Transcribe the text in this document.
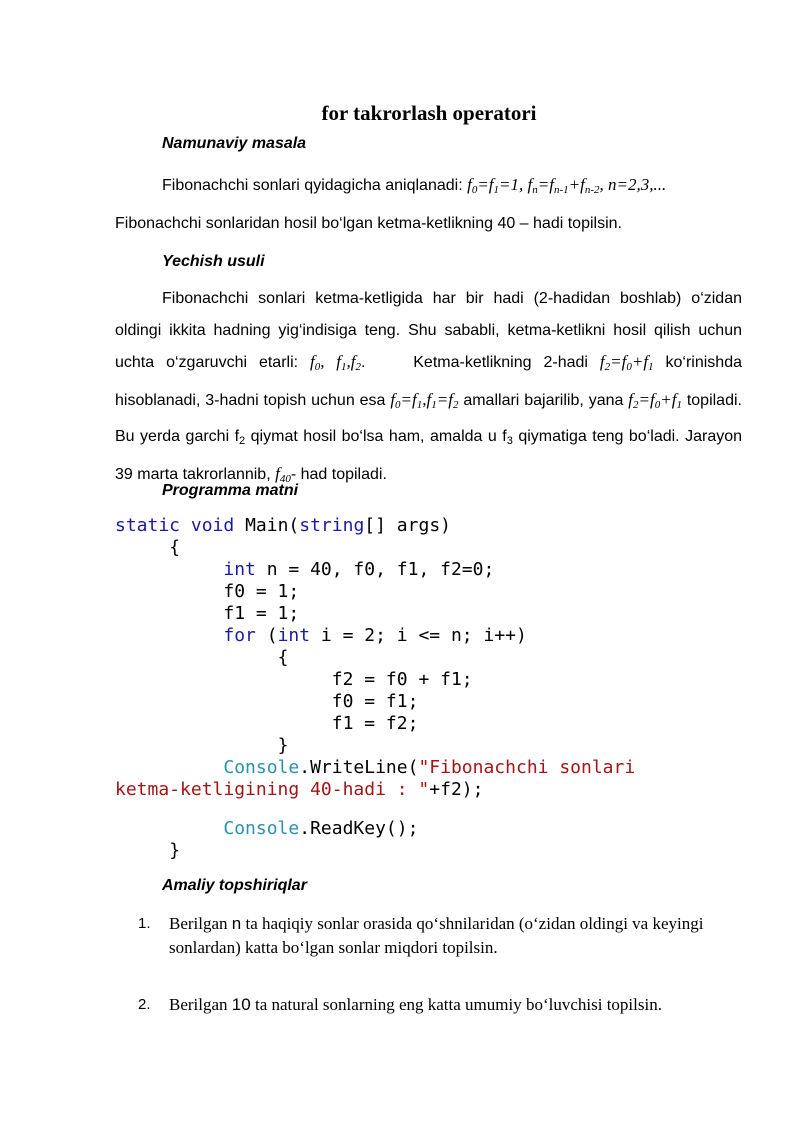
for takrorlash operatori
Namunaviy masala
Fibonachchi sonlari qyidagicha aniqlanadi: $f_0=f_1=1$, $f_n=f_{n-1}+f_{n-2}$, n=2,3,...
Fibonachchi sonlaridan hosil bo‘lgan ketma-ketlikning 40 – hadi topilsin.
Yechish usuli
Fibonachchi sonlari ketma-ketligida har bir hadi (2-hadidan boshlab) o‘zidan oldingi ikkita hadning yig‘indisiga teng. Shu sababli, ketma-ketlikni hosil qilish uchun uchta o‘zgaruvchi etarli: $f_0$, $f_1,f_2$.    Ketma-ketlikning 2-hadi $f_2=f_0+f_1$ ko‘rinishda hisoblanadi, 3-hadni topish uchun esa $f_0=f_1,f_1=f_2$ amallari bajarilib, yana $f_2=f_0+f_1$ topiladi. Bu yerda garchi $f_2$ qiymat hosil bo‘lsa ham, amalda u $f_3$ qiymatiga teng bo‘ladi. Jarayon 39 marta takrorlannib, $f_{40}-$ had topiladi.
Programma matni
static void Main(string[] args)
{
int n = 40, f0, f1, f2=0;
f0 = 1;
f1 = 1;
for (int i = 2; i <= n; i++)
{
f2 = f0 + f1;
f0 = f1;
f1 = f2;
}
Console.WriteLine("Fibonachchi sonlari
ketma-ketligining 40-hadi : "+f2);
Console.ReadKey();
}
Amaliy topshiriqlar
1. Berilgan n ta haqiqiy sonlar orasida qo‘shnilaridan (o‘zidan oldingi va keyingi sonlardan) katta bo‘lgan sonlar miqdori topilsin.
2. Berilgan 10 ta natural sonlarning eng katta umumiy bo‘luvchisi topilsin.
